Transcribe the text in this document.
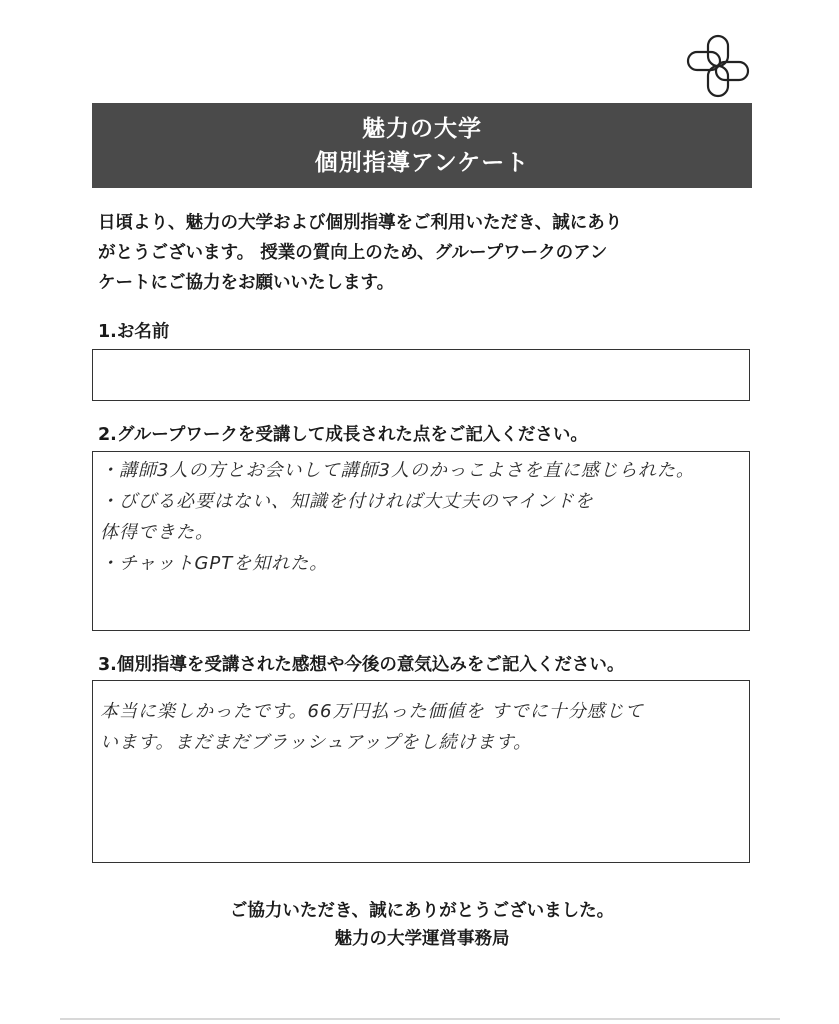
魅力の大学
個別指導アンケート
日頃より、魅力の大学および個別指導をご利用いただき、誠にあり
がとうございます。 授業の質向上のため、グループワークのアン
ケートにご協力をお願いいたします。
1.お名前
2.グループワークを受講して成長された点をご記入ください。
・講師3人の方とお会いして講師3人のかっこよさを直に感じられた。
・びびる必要はない、知識を付ければ大丈夫のマインドを
体得できた。
・チャットGPTを知れた。
3.個別指導を受講された感想や今後の意気込みをご記入ください。
本当に楽しかったです。66万円払った価値を すでに十分感じて
います。まだまだブラッシュアップをし続けます。
ご協力いただき、誠にありがとうございました。
魅力の大学運営事務局
